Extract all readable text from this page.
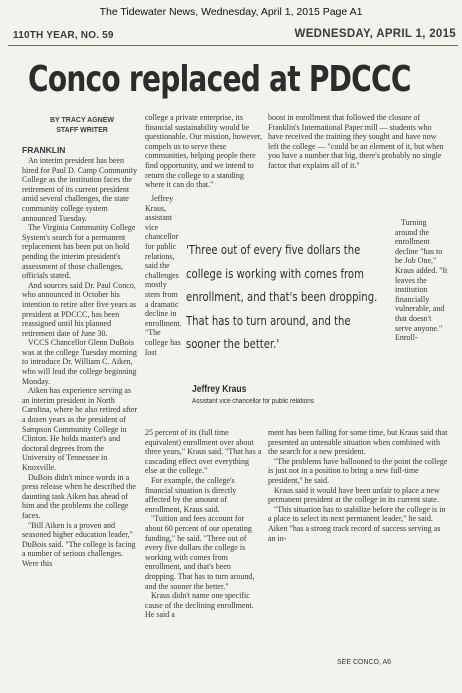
The Tidewater News, Wednesday, April 1, 2015 Page A1
110TH YEAR, NO. 59	WEDNESDAY, APRIL 1, 2015
Conco replaced at PDCCC
BY TRACY AGNEW
STAFF WRITER
FRANKLIN

An interim president has been hired for Paul D. Camp Community College as the institution faces the retirement of its current president amid several challenges, the state community college system announced Tuesday.

The Virginia Community College System's search for a permanent replacement has been put on hold pending the interim president's assessment of those challenges, officials stated.

And sources said Dr. Paul Conco, who announced in October his intention to retire after five years as president at PDCCC, has been reassigned until his planned retirement date of June 30.

VCCS Chancellor Glenn DuBois was at the college Tuesday morning to introduce Dr. William C. Aiken, who will lead the college beginning Monday.

Aiken has experience serving as an interim president in North Carolina, where he also retired after a dozen years as the president of Sampson Community College in Clinton. He holds master's and doctoral degrees from the University of Tennessee in Knoxville.

DuBois didn't mince words in a press release when he described the daunting task Aiken has ahead of him and the problems the college faces.

"Bill Aiken is a proven and seasoned higher education leader," DuBois said. "The college is facing a number of serious challenges. Were this

college a private enterprise, its financial sustainability would be questionable. Our mission, however, compels us to serve these communities, helping people there find opportunity, and we intend to return the college to a standing where it can do that."

Jeffrey Kraus, assistant vice chancellor for public relations, said the challenges mostly stem from a dramatic decline in enrollment. "The college has lost

25 percent of its (full time equivalent) enrollment over about three years," Kraus said. "That has a cascading effect over everything else at the college."

For example, the college's financial situation is directly affected by the amount of enrollment, Kraus said.

"Tuition and fees account for about 60 percent of our operating funding," he said. "Three out of every five dollars the college is working with comes from enrollment, and that's been dropping. That has to turn around, and the sooner the better."

Kraus didn't name one specific cause of the declining enrollment. He said a

boost in enrollment that followed the closure of Franklin's International Paper mill — students who have received the training they sought and have now left the college — "could be an element of it, but when you have a number that big, there's probably no single factor that explains all of it."

Turning around the enrollment decline "has to be Job One," Kraus added. "It leaves the institution financially vulnerable, and that doesn't serve anyone." Enroll-

ment has been falling for some time, but Kraus said that presented an untenable situation when combined with the search for a new president.

"The problems have ballooned to the point the college is just not in a position to bring a new full-time president," he said.

Kraus said it would have been unfair to place a new permanent president at the college in its current state.

"This situation has to stabilize before the college is in a place to select its next permanent leader," he said. Aiken "has a strong track record of success serving as an in-

'Three out of every five dollars the college is working with comes from enrollment, and that's been dropping. That has to turn around, and the sooner the better.'
Jeffrey Kraus
Assistant vice chancellor for public relations
SEE CONCO, A6
